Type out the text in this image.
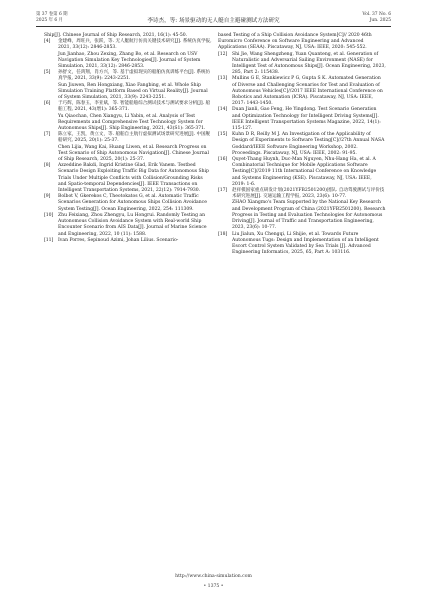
第 37 卷第 6 期
2025 年 6 月	李诗杰，等: 场景驱动的无人艇自主避碰测试方法研究
Vol. 37 No. 6
Jun. 2025

Ship[J]. Chinese Journal of Ship Research, 2021, 16(1): 45-50.

[4] 金建峰，周旺兵，张跃，等. 无人艇航行仿真关键技术研究[J]. 系统仿真学报, 2021, 33(12): 2846-2853.

Jun Jianhao, Zhou Zexing, Zhang Bo, et al. Research on USV Navigation Simulation Key Technologies[J]. Journal of System Simulation, 2021, 33(12): 2846-2853.

[5] 孙舒文，任鸿翔，肖方兴，等. 基于虚拟现实的船舶仿真训练平台[J]. 系统仿真学报, 2021, 33(9): 2243-2251.

Sun Jiuwen, Ren Hongxiang, Xiao Fangbing, et al. Whole Ship Simulation Training Platform Based on Virtual Reality[J]. Journal of System Simulation, 2021, 33(9): 2243-2251.

[6] 于巧辉，陈春玉，李亚斌，等. 智能船舶综合测试技术与测试要求分析[J]. 船舶工程, 2021, 43(增1): 365-371.

Yu Qiaochan, Chen Xiangyu, Li Yabin, et al. Analysis of Test Requirements and Comprehensive Test Technology System for Autonomous Ships[J]. Ship Engineering, 2021, 43(S1): 365-371.

[7] 陈立家，王凯，黄立文，等. 船舶自主航行虚拟测试场景研究进展[J]. 中国舰船研究, 2025, 20(1): 25-37.

Chen Lijia, Wang Kai, Huang Liwen, et al. Research Progress on Test Scenario of Ship Autonomous Navigation[J]. Chinese Journal of Ship Research, 2025, 20(1): 25-37.

[8] Azzeddine Bakdi, Ingrid Kristine Glad, Erik Vanem. Testbed Scenario Design Exploiting Traffic Big Data for Autonomous Ship Trials Under Multiple Conflicts with Collision/Grounding Risks and Spatio-temporal Dependencies[J]. IEEE Transactions on Intelligent Transportation Systems, 2021, 22(12): 7914-7930.

[9] Bolbot V, Gkerekos C, Theotokatos G, et al. Automatic Traffic Scenarios Generation for Autonomous Ships Collision Avoidance System Testing[J]. Ocean Engineering, 2022, 254: 111309.

[10] Zhu Feixiang, Zhou Zhengyu, Lu Hongrui. Randomly Testing an Autonomous Collision Avoidance System with Real-world Ship Encounter Scenario from AIS Data[J]. Journal of Marine Science and Engineering, 2022, 10 (11): 1588.

[11] Ivan Porres, Sepinoud Azimi, Johan Lilius. Scenario-

based Testing of a Ship Collision Avoidance System[C]// 2020 46th Euromicro Conference on Software Engineering and Advanced Applications (SEAA). Piscataway, NJ, USA: IEEE, 2020: 545-552.

[12] Shi Jie, Wang Shengzheng, Yuan Quanteng, et al. Generation of Naturalistic and Adversarial Sailing Environment (NASE) for Intelligent Test of Autonomous Ships[J]. Ocean Engineering, 2023, 285, Part 2: 115438.

[13] Mullins G E, Stankiewicz P G, Gupta S K. Automated Generation of Diverse and Challenging Scenarios for Test and Evaluation of Autonomous Vehicles[C]//2017 IEEE International Conference on Robotics and Automation (ICRA). Piscataway, NJ, USA: IEEE, 2017: 1443-1450.

[14] Duan Jianli, Gao Feng, He Yingdong. Test Scenario Generation and Optimization Technology for Intelligent Driving Systems[J]. IEEE Intelligent Transportation Systems Magazine, 2022, 14(1): 115-127.

[15] Kuhn D R, Reilly M J. An Investigation of the Applicability of Design of Experiments to Software Testing[C]//27th Annual NASA Goddard/IEEE Software Engineering Workshop, 2002. Proceedings. Piscataway, NJ, USA: IEEE, 2002: 91-95.

[16] Quyet-Thang Huynh, Duc-Man Nguyen, Nhu-Hang Ha, et al. A Combinatorial Technique for Mobile Applications Software Testing[C]//2019 11th International Conference on Knowledge and Systems Engineering (KSE). Piscataway, NJ, USA: IEEE, 2019: 1-6.

[17] 赵祥模国家重点研发计划(2021YFB2501200)团队. 自动驾驶测试与评价技术研究进展[J]. 交通运输工程学报, 2023, 23(6): 10-77.

ZHAO Xiangmo's Team Supported by the National Key Research and Development Program of China (2021YFB2501200). Research Progress in Testing and Evaluation Technologies for Autonomous Driving[J]. Journal of Traffic and Transportation Engineering, 2023, 23(6): 10-77.

[18] Liu Jialun, Xu Chengqi, Li Shijie, et al. Towards Future Autonomous Tugs: Design and Implementation of an Intelligent Escort Control System Validated by Sea Trials [J]. Advanced Engineering Informatics, 2025, 65, Part A: 103116.

http://www.china-simulation.com
• 1375 •
